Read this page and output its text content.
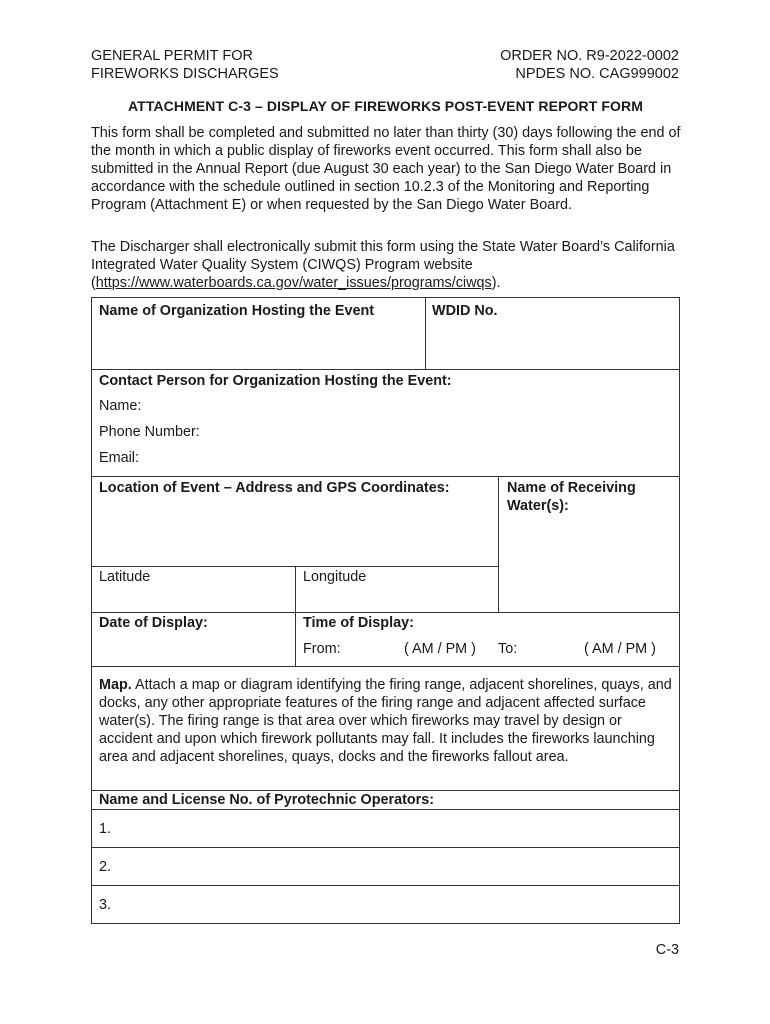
GENERAL PERMIT FOR
FIREWORKS DISCHARGES
ORDER NO. R9-2022-0002
NPDES NO. CAG999002
ATTACHMENT C-3 – DISPLAY OF FIREWORKS POST-EVENT REPORT FORM
This form shall be completed and submitted no later than thirty (30) days following the end of the month in which a public display of fireworks event occurred. This form shall also be submitted in the Annual Report (due August 30 each year) to the San Diego Water Board in accordance with the schedule outlined in section 10.2.3 of the Monitoring and Reporting Program (Attachment E) or when requested by the San Diego Water Board.
The Discharger shall electronically submit this form using the State Water Board’s California Integrated Water Quality System (CIWQS) Program website (https://www.waterboards.ca.gov/water_issues/programs/ciwqs).
Name of Organization Hosting the Event	WDID No.
Contact Person for Organization Hosting the Event:
Name:
Phone Number:
Email:
Location of Event – Address and GPS Coordinates:	Name of Receiving
Water(s):
Latitude	Longitude
Date of Display:	Time of Display:
From:	( AM / PM ) To:	( AM / PM )
Map. Attach a map or diagram identifying the firing range, adjacent shorelines, quays, and docks, any other appropriate features of the firing range and adjacent affected surface water(s). The firing range is that area over which fireworks may travel by design or accident and upon which firework pollutants may fall. It includes the fireworks launching area and adjacent shorelines, quays, docks and the fireworks fallout area.
Name and License No. of Pyrotechnic Operators:
1.
2.
3.
C-3
